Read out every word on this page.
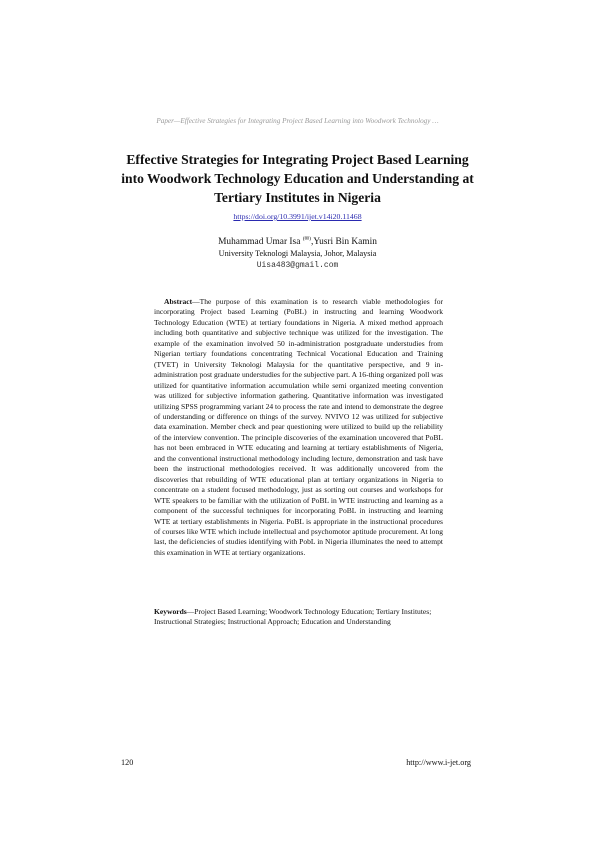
Paper—Effective Strategies for Integrating Project Based Learning into Woodwork Technology …
Effective Strategies for Integrating Project Based Learning into Woodwork Technology Education and Understanding at Tertiary Institutes in Nigeria
https://doi.org/10.3991/ijet.v14i20.11468
Muhammad Umar Isa (✉),Yusri Bin Kamin
University Teknologi Malaysia, Johor, Malaysia
Uisa483@gmail.com

Abstract—The purpose of this examination is to research viable methodologies for incorporating Project based Learning (PoBL) in instructing and learning Woodwork Technology Education (WTE) at tertiary foundations in Nigeria. A mixed method approach including both quantitative and subjective technique was utilized for the investigation. The example of the examination involved 50 in-administration postgraduate understudies from Nigerian tertiary foundations concentrating Technical Vocational Education and Training (TVET) in University Teknologi Malaysia for the quantitative perspective, and 9 in-administration post graduate understudies for the subjective part. A 16-thing organized poll was utilized for quantitative information accumulation while semi organized meeting convention was utilized for subjective information gathering. Quantitative information was investigated utilizing SPSS programming variant 24 to process the rate and intend to demonstrate the degree of understanding or difference on things of the survey. NVIVO 12 was utilized for subjective data examination. Member check and pear questioning were utilized to build up the reliability of the interview convention. The principle discoveries of the examination uncovered that PoBL has not been embraced in WTE educating and learning at tertiary establishments of Nigeria, and the conventional instructional methodology including lecture, demonstration and task have been the instructional methodologies received. It was additionally uncovered from the discoveries that rebuilding of WTE educational plan at tertiary organizations in Nigeria to concentrate on a student focused methodology, just as sorting out courses and workshops for WTE speakers to be familiar with the utilization of PoBL in WTE instructing and learning as a component of the successful techniques for incorporating PoBL in instructing and learning WTE at tertiary establishments in Nigeria. PoBL is appropriate in the instructional procedures of courses like WTE which include intellectual and psychomotor aptitude procurement. At long last, the deficiencies of studies identifying with PobL in Nigeria illuminates the need to attempt this examination in WTE at tertiary organizations.

Keywords—Project Based Learning; Woodwork Technology Education; Tertiary Institutes; Instructional Strategies; Instructional Approach; Education and Understanding

120	http://www.i-jet.org
